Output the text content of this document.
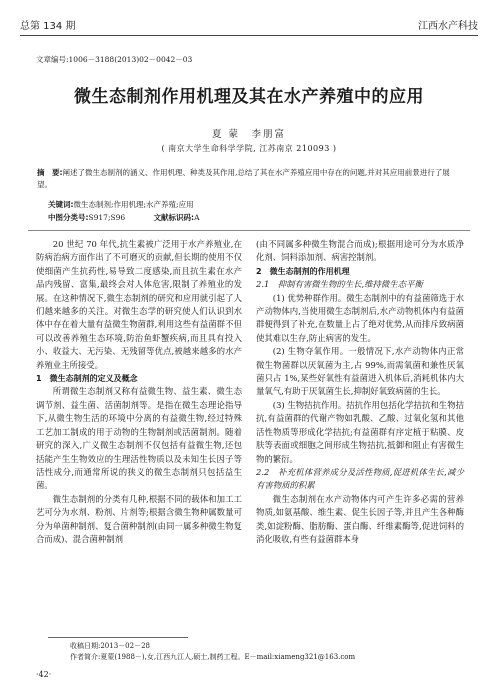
总第 134 期	江西水产科技
文章编号:1006－3188(2013)02－0042－03
微生态制剂作用机理及其在水产养殖中的应用
夏 蒙　李朋富
( 南京大学生命科学学院, 江苏南京 210093 )
摘　要:阐述了微生态制剂的涵义、作用机理、种类及其作用,总结了其在水产养殖应用中存在的问题,并对其应用前景进行了展望。
关键词:微生态制剂;作用机理;水产养殖;应用
中图分类号:S917;S96	文献标识码:A

20 世纪 70 年代,抗生素被广泛用于水产养殖业,在防病治病方面作出了不可磨灭的贡献,但长期的使用不仅使细菌产生抗药性,易导致二度感染,而且抗生素在水产品内残留、富集,最终会对人体危害,限制了养殖业的发展。在这种情况下,微生态制剂的研究和应用就引起了人们越来越多的关注。对微生态学的研究使人们认识到水体中存在着大量有益微生物菌群,利用这些有益菌群不但可以改善养殖生态环境,防治鱼虾蟹疾病,而且具有投入小、收益大、无污染、无残留等优点,被越来越多的水产养殖业主所接受。

1　微生态制剂的定义及概念

所谓微生态制剂又称有益微生物、益生素、微生态调节剂、益生菌、活菌制剂等。是指在微生态理论指导下,从微生物生活的环境中分离的有益微生物,经过特殊工艺加工制成的用于动物的生物制剂或活菌制剂。随着研究的深入,广义微生态制剂不仅包括有益微生物,还包括能产生生物效应的生理活性物质以及未知生长因子等活性成分,而通常所说的狭义的微生态制剂只包括益生菌。

微生态制剂的分类有几种,根据不同的载体和加工工艺可分为水剂、粉剂、片剂等;根据含微生物种属数量可分为单菌种制剂、复合菌种制剂(由同一属多种微生物复合而成)、混合菌种制剂

(由不同属多种微生物混合而成);根据用途可分为水质净化剂、饲料添加剂、病害控制剂。

2　微生态制剂的作用机理

2.1　抑制有害微生物的生长,维持微生态平衡

(1) 优势种群作用。微生态制剂中的有益菌筛选于水产动物体内,当使用微生态制剂后,水产动物机体内有益菌群便得到了补充,在数量上占了绝对优势,从而排斥致病菌使其难以生存,防止病害的发生。

(2) 生物夺氧作用。一般情况下,水产动物体内正常微生物菌群以厌氧菌为主,占 99%,而需氧菌和兼性厌氧菌只占 1%,某些好氧性有益菌进入机体后,消耗机体内大量氧气,有助于厌氧菌生长,抑制好氧致病菌的生长。

(3) 生物拮抗作用。拮抗作用包括化学拮抗和生物拮抗,有益菌群的代谢产物如乳酸、乙酸、过氧化氢和其他活性物质等形成化学拮抗;有益菌群有序定植于粘膜、皮肤等表面或细胞之间形成生物拮抗,抵御和阻止有害微生物的繁衍。

2.2　补充机体营养成分及活性物质,促进机体生长,减少有害物质的积累

微生态制剂在水产动物体内可产生许多必需的营养物质,如氨基酸、维生素、促生长因子等,并且产生各种酶类,如淀粉酶、脂肪酶、蛋白酶、纤维素酶等,促进饲料的消化吸收,有些有益菌群本身

收稿日期:2013－02－28
作者简介:夏蒙(1988－),女,江西九江人,硕士,制药工程。E－mail:xiameng321@163.com
·42·
